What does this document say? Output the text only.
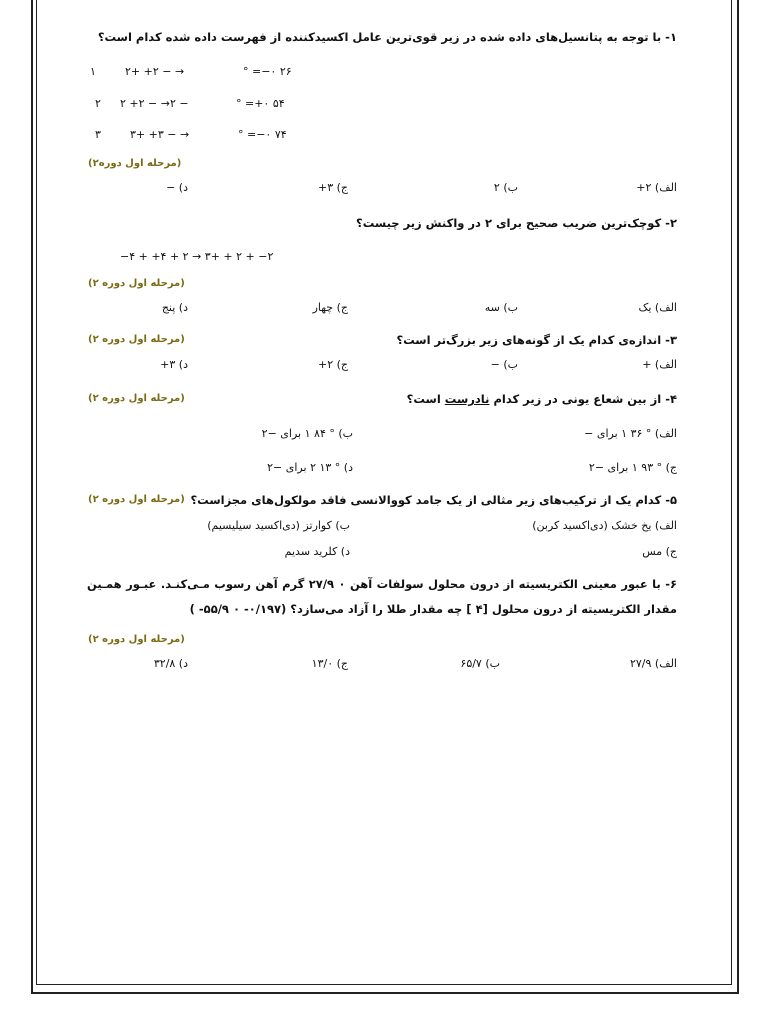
۱- با توجه به پتانسیل‌های داده شده در زیر قوی‌ترین عامل اکسیدکننده از فهرست داده شده کدام است؟
۱	۲+ +۲ − →	° =−۰ ۲۶
۲ ۲ +۲ − →۲ −	° =+۰ ۵۴
۳	۳+ +۳ − →	° =−۰ ۷۴
(مرحله اول دوره۲)
الف) ۲+
ب) ۲
ج) ۳+
د) −
۲- کوچک‌ترین ضریب صحیح برای ۲ در واکنش زیر چیست؟
−۴ + +۴ + ۲ → ۳+ + ۲ + −۲
(مرحله اول دوره ۲)
الف) یک
ب) سه
ج) چهار
د) پنج
۳- اندازه‌ی کدام یک از گونه‌های زیر بزرگ‌تر است؟
(مرحله اول دوره ۲)
الف) +
ب) −
ج) ۲+
د) ۳+
۴- از بین شعاع یونی در زیر کدام نادرست است؟
(مرحله اول دوره ۲)
الف) ° ۳۶ ۱ برای −
ب) ° ۸۴ ۱ برای −۲
ج) ° ۹۳ ۱ برای −۲
د) ° ۱۳ ۲ برای −۲
۵- کدام یک از ترکیب‌های زیر مثالی از یک جامد کووالانسی فاقد مولکول‌های مجزاست؟
(مرحله اول دوره ۲)
الف) یخ خشک (دی‌اکسید کربن)
ب) کوارتز (دی‌اکسید سیلیسیم)
ج) مس
د) کلرید سدیم
۶- با عبور معینی الکتریسیته از درون محلول سولفات آهن ۰ ۲۷/۹ گرم آهن رسوب مـی‌کنـد. عبـور همـین
مقدار الکتریسیته از درون محلول [۴ ] چه مقدار طلا را آزاد می‌سازد؟ (۰/۱۹۷- ۰ ۵۵/۹- )
(مرحله اول دوره ۲)
الف) ۲۷/۹
ب) ۶۵/۷
ج) ۱۳/۰
د) ۳۲/۸
